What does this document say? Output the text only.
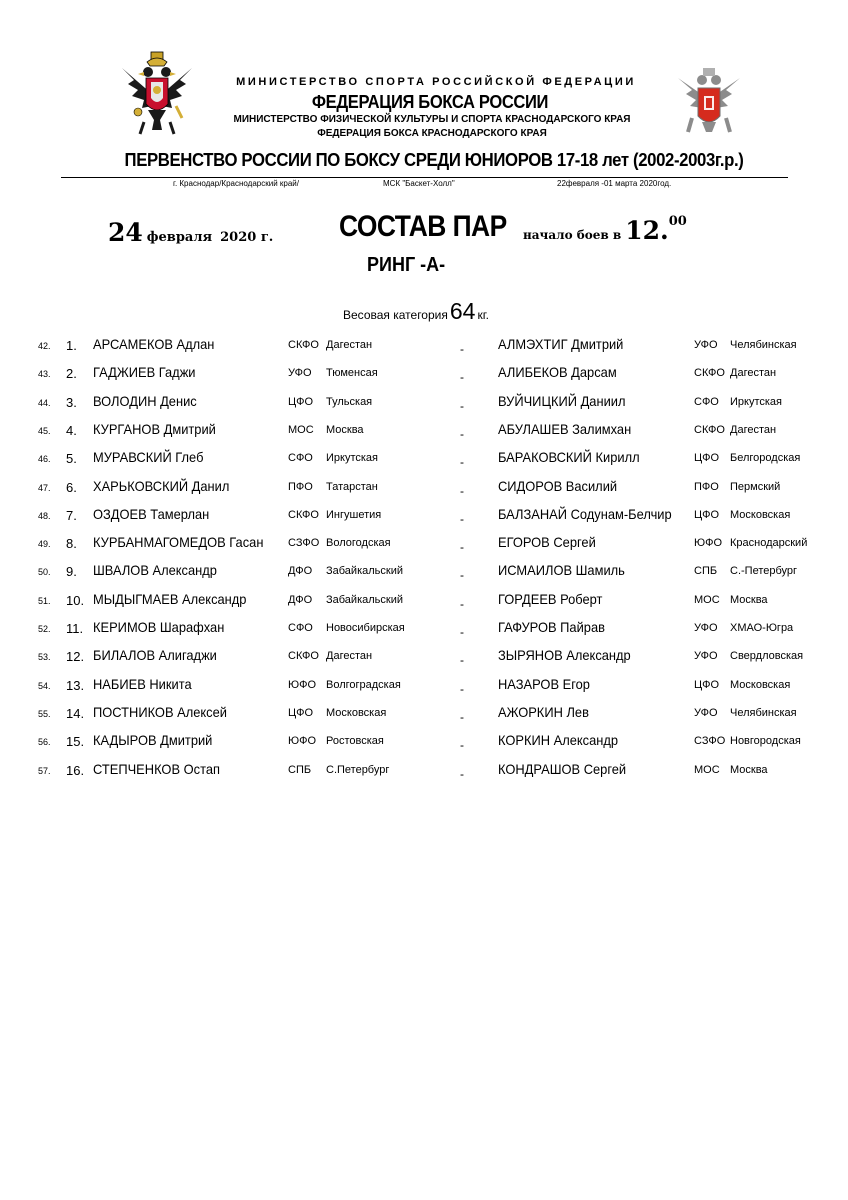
МИНИСТЕРСТВО СПОРТА РОССИЙСКОЙ ФЕДЕРАЦИИ
ФЕДЕРАЦИЯ БОКСА РОССИИ
МИНИСТЕРСТВО ФИЗИЧЕСКОЙ КУЛЬТУРЫ И СПОРТА КРАСНОДАРСКОГО КРАЯ
ФЕДЕРАЦИЯ БОКСА КРАСНОДАРСКОГО КРАЯ
ПЕРВЕНСТВО РОССИИ ПО БОКСУ СРЕДИ ЮНИОРОВ 17-18 лет (2002-2003г.р.)
г. Краснодар/Краснодарский край/	МСК "Баскет-Холл"	22февраля -01 марта 2020год.
24 февраля 2020 г. СОСТАВ ПАР начало боев в 12.00
РИНГ -А-
Весовая категория64 кг.
42. 1. АРСАМЕКОВ Адлан	СКФО Дагестан	- АЛМЭХТИГ Дмитрий	УФО Челябинская
43. 2. ГАДЖИЕВ Гаджи	УФО Тюменсая	- АЛИБЕКОВ Дарсам	СКФО Дагестан
44. 3. ВОЛОДИН Денис	ЦФО Тульская	- ВУЙЧИЦКИЙ Даниил	СФО Иркутская
45. 4. КУРГАНОВ Дмитрий	МОС Москва	- АБУЛАШЕВ Залимхан	СКФО Дагестан
46. 5. МУРАВСКИЙ Глеб	СФО Иркутская	- БАРАКОВСКИЙ Кирилл	ЦФО Белгородская
47. 6. ХАРЬКОВСКИЙ Данил	ПФО Татарстан	- СИДОРОВ Василий	ПФО Пермский
48. 7. ОЗДОЕВ Тамерлан	СКФО Ингушетия	- БАЛЗАНАЙ Содунам-Белчир ЦФО Московская
49. 8. КУРБАНМАГОМЕДОВ Гасан СЗФО Вологодская	- ЕГОРОВ Сергей	ЮФО Краснодарский
50. 9. ШВАЛОВ Александр	ДФО Забайкальский	- ИСМАИЛОВ Шамиль	СПБ С.-Петербург
51. 10. МЫДЫГМАЕВ Александр	ДФО Забайкальский	- ГОРДЕЕВ Роберт	МОС Москва
52. 11. КЕРИМОВ Шарафхан	СФО Новосибирская	- ГАФУРОВ Пайрав	УФО ХМАО-Югра
53. 12. БИЛАЛОВ Алигаджи	СКФО Дагестан	- ЗЫРЯНОВ Александр	УФО Свердловская
54. 13. НАБИЕВ Никита	ЮФО Волгоградская	- НАЗАРОВ Егор	ЦФО Московская
55. 14. ПОСТНИКОВ Алексей	ЦФО Московская	- АЖОРКИН Лев	УФО Челябинская
56. 15. КАДЫРОВ Дмитрий	ЮФО Ростовская	- КОРКИН Александр	СЗФО Новгородская
57. 16. СТЕПЧЕНКОВ Остап	СПБ С.Петербург	- КОНДРАШОВ Сергей	МОС Москва
